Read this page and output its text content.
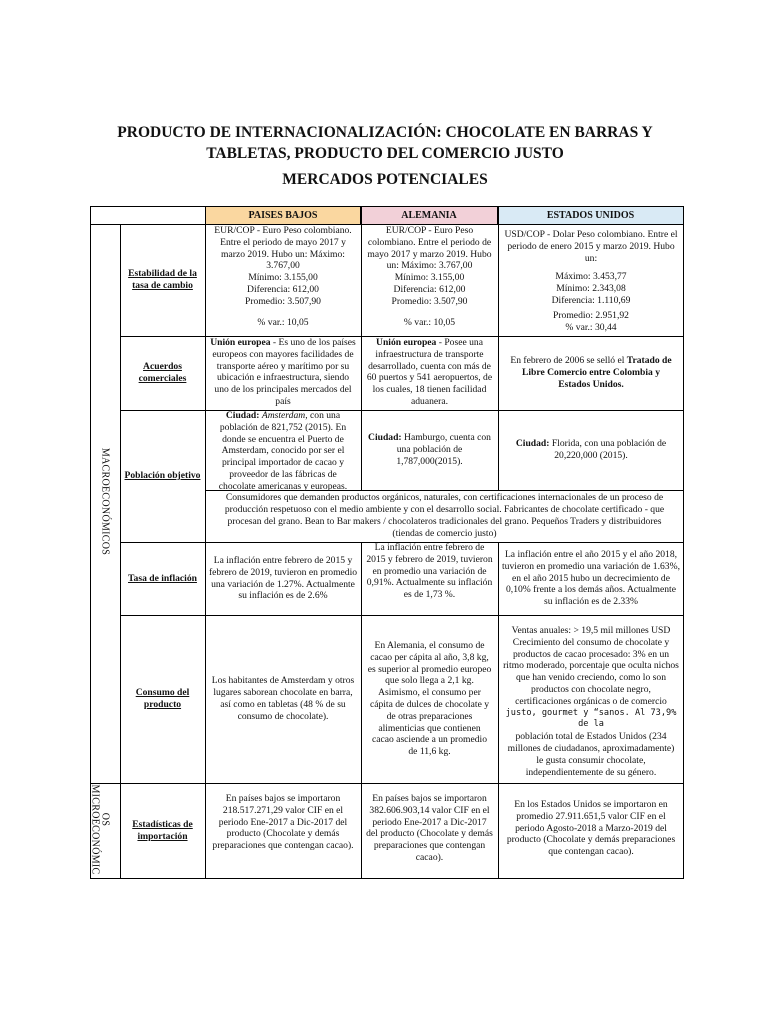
PRODUCTO DE INTERNACIONALIZACIÓN: CHOCOLATE EN BARRAS Y TABLETAS, PRODUCTO DEL COMERCIO JUSTO
MERCADOS POTENCIALES
PAISES BAJOS	ALEMANIA	ESTADOS UNIDOS
MACROECONÓMICOS
OS
MICROECONÓMIC
Estabilidad de la tasa de cambio
Acuerdos comerciales
Población objetivo
Tasa de inflación
Consumo del producto
Estadísticas de importación

EUR/COP - Euro Peso colombiano. Entre el periodo de mayo 2017 y marzo 2019. Hubo un: Máximo: 3.767,00

Mínimo: 3.155,00

Diferencia: 612,00

Promedio: 3.507,90

% var.: 10,05

EUR/COP - Euro Peso colombiano. Entre el periodo de mayo 2017 y marzo 2019. Hubo un: Máximo: 3.767,00

Mínimo: 3.155,00

Diferencia: 612,00

Promedio: 3.507,90

% var.: 10,05

USD/COP - Dolar Peso colombiano. Entre el periodo de enero 2015 y marzo 2019. Hubo un:

Máximo: 3.453,77

Mínimo: 2.343,08

Diferencia: 1.110,69

Promedio: 2.951,92

% var.: 30,44

Unión europea - Es uno de los países europeos con mayores facilidades de transporte aéreo y marítimo por su ubicación e infraestructura, siendo uno de los principales mercados del país

Unión europea - Posee una infraestructura de transporte desarrollado, cuenta con más de 60 puertos y 541 aeropuertos, de los cuales, 18 tienen facilidad aduanera.

En febrero de 2006 se selló el Tratado de Libre Comercio entre Colombia y Estados Unidos.

Ciudad: Amsterdam, con una población de 821,752 (2015). En donde se encuentra el Puerto de Amsterdam, conocido por ser el principal importador de cacao y proveedor de las fábricas de chocolate americanas y europeas.

Ciudad: Hamburgo, cuenta con una población de 1,787,000(2015).

Ciudad: Florida, con una población de 20,220,000 (2015).

Consumidores que demanden productos orgánicos, naturales, con certificaciones internacionales de un proceso de producción respetuoso con el medio ambiente y con el desarrollo social. Fabricantes de chocolate certificado - que procesan del grano. Bean to Bar makers / chocolateros tradicionales del grano. Pequeños Traders y distribuidores (tiendas de comercio justo)
La inflación entre febrero de 2015 y febrero de 2019, tuvieron en promedio una variación de 1.27%. Actualmente su inflación es de 2.6%
La inflación entre febrero de 2015 y febrero de 2019, tuvieron en promedio una variación de 0,91%. Actualmente su inflación es de 1,73 %.
La inflación entre el año 2015 y el año 2018, tuvieron en promedio una variación de 1.63%, en el año 2015 hubo un decrecimiento de 0,10% frente a los demás años. Actualmente su inflación es de 2.33%
Los habitantes de Amsterdam y otros lugares saborean chocolate en barra, así como en tabletas (48 % de su consumo de chocolate).
En Alemania, el consumo de cacao per cápita al año, 3,8 kg, es superior al promedio europeo que solo llega a 2,1 kg. Asimismo, el consumo per cápita de dulces de chocolate y de otras preparaciones alimenticias que contienen cacao asciende a un promedio de 11,6 kg.

Ventas anuales: > 19,5 mil millones USD Crecimiento del consumo de chocolate y productos de cacao procesado: 3% en un ritmo moderado, porcentaje que oculta nichos que han venido creciendo, como lo son productos con chocolate negro, certificaciones orgánicas o de comercio

justo, gourmet y “sanos. Al 73,9% de la

población total de Estados Unidos (234 millones de ciudadanos, aproximadamente) le gusta consumir chocolate, independientemente de su género.

En países bajos se importaron 218.517.271,29 valor CIF en el periodo Ene-2017 a Dic-2017 del producto (Chocolate y demás preparaciones que contengan cacao).
En países bajos se importaron 382.606.903,14 valor CIF en el periodo Ene-2017 a Dic-2017 del producto (Chocolate y demás preparaciones que contengan cacao).
En los Estados Unidos se importaron en promedio 27.911.651,5 valor CIF en el periodo Agosto-2018 a Marzo-2019 del producto (Chocolate y demás preparaciones que contengan cacao).
